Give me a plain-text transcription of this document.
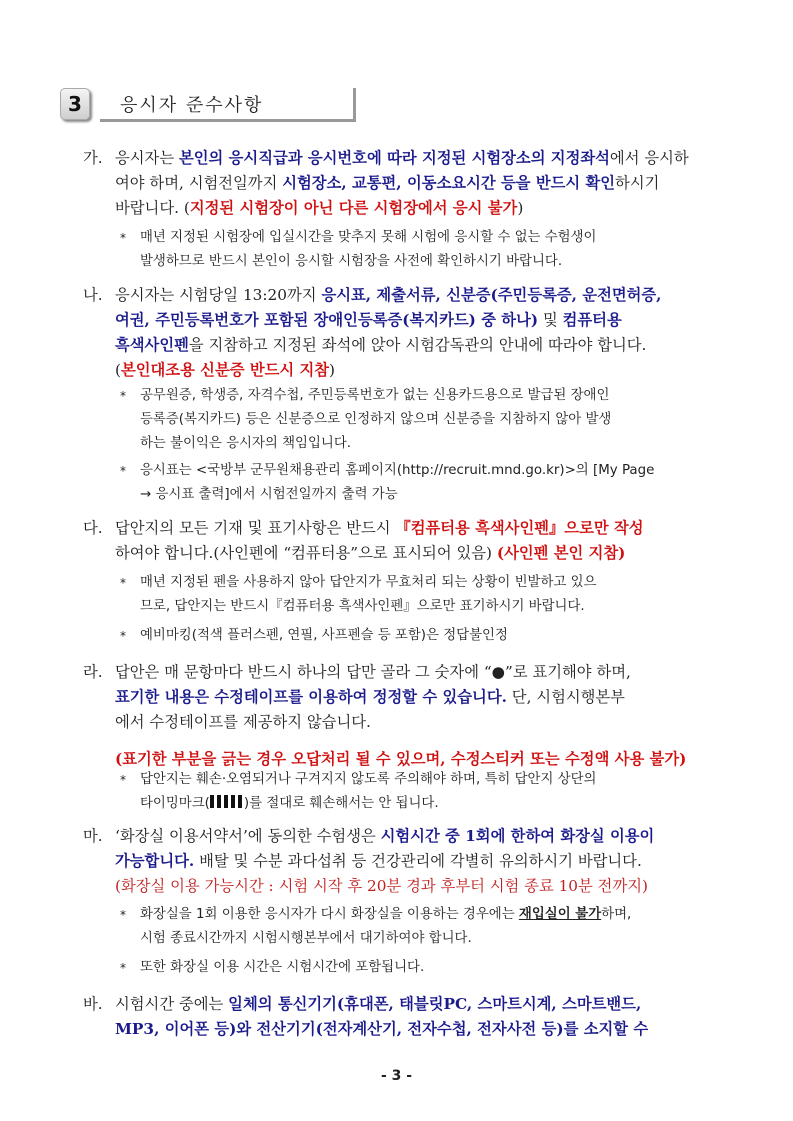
3	응시자 준수사항
가. 응시자는 본인의 응시직급과 응시번호에 따라 지정된 시험장소의 지정좌석에서 응시하
여야 하며, 시험전일까지 시험장소, 교통편, 이동소요시간 등을 반드시 확인하시기
바랍니다. (지정된 시험장이 아닌 다른 시험장에서 응시 불가)
* 매년 지정된 시험장에 입실시간을 맞추지 못해 시험에 응시할 수 없는 수험생이
발생하므로 반드시 본인이 응시할 시험장을 사전에 확인하시기 바랍니다.
나. 응시자는 시험당일 13:20까지 응시표, 제출서류, 신분증(주민등록증, 운전면허증,
여권, 주민등록번호가 포함된 장애인등록증(복지카드) 중 하나) 및 컴퓨터용
흑색사인펜을 지참하고 지정된 좌석에 앉아 시험감독관의 안내에 따라야 합니다.
(본인대조용 신분증 반드시 지참)
* 공무원증, 학생증, 자격수첩, 주민등록번호가 없는 신용카드용으로 발급된 장애인
등록증(복지카드) 등은 신분증으로 인정하지 않으며 신분증을 지참하지 않아 발생
하는 불이익은 응시자의 책임입니다.
* 응시표는 <국방부 군무원채용관리 홈페이지(http://recruit.mnd.go.kr)>의 [My Page
→ 응시표 출력]에서 시험전일까지 출력 가능
다. 답안지의 모든 기재 및 표기사항은 반드시 『컴퓨터용 흑색사인펜』으로만 작성
하여야 합니다.(사인펜에 “컴퓨터용”으로 표시되어 있음) (사인펜 본인 지참)
* 매년 지정된 펜을 사용하지 않아 답안지가 무효처리 되는 상황이 빈발하고 있으
므로, 답안지는 반드시『컴퓨터용 흑색사인펜』으로만 표기하시기 바랍니다.
* 예비마킹(적색 플러스펜, 연필, 사프펜슬 등 포함)은 정답불인정
라. 답안은 매 문항마다 반드시 하나의 답만 골라 그 숫자에 “●”로 표기해야 하며,
표기한 내용은 수정테이프를 이용하여 정정할 수 있습니다. 단, 시험시행본부
에서 수정테이프를 제공하지 않습니다.
(표기한 부분을 긁는 경우 오답처리 될 수 있으며, 수정스티커 또는 수정액 사용 불가)
* 답안지는 훼손·오염되거나 구겨지지 않도록 주의해야 하며, 특히 답안지 상단의
타이밍마크(	)를 절대로 훼손해서는 안 됩니다.
마. ‘화장실 이용서약서’에 동의한 수험생은 시험시간 중 1회에 한하여 화장실 이용이
가능합니다. 배탈 및 수분 과다섭취 등 건강관리에 각별히 유의하시기 바랍니다.
(화장실 이용 가능시간 : 시험 시작 후 20분 경과 후부터 시험 종료 10분 전까지)
* 화장실을 1회 이용한 응시자가 다시 화장실을 이용하는 경우에는 재입실이 불가하며,
시험 종료시간까지 시험시행본부에서 대기하여야 합니다.
* 또한 화장실 이용 시간은 시험시간에 포함됩니다.
바. 시험시간 중에는 일체의 통신기기(휴대폰, 태블릿PC, 스마트시계, 스마트밴드,
MP3, 이어폰 등)와 전산기기(전자계산기, 전자수첩, 전자사전 등)를 소지할 수
- 3 -
